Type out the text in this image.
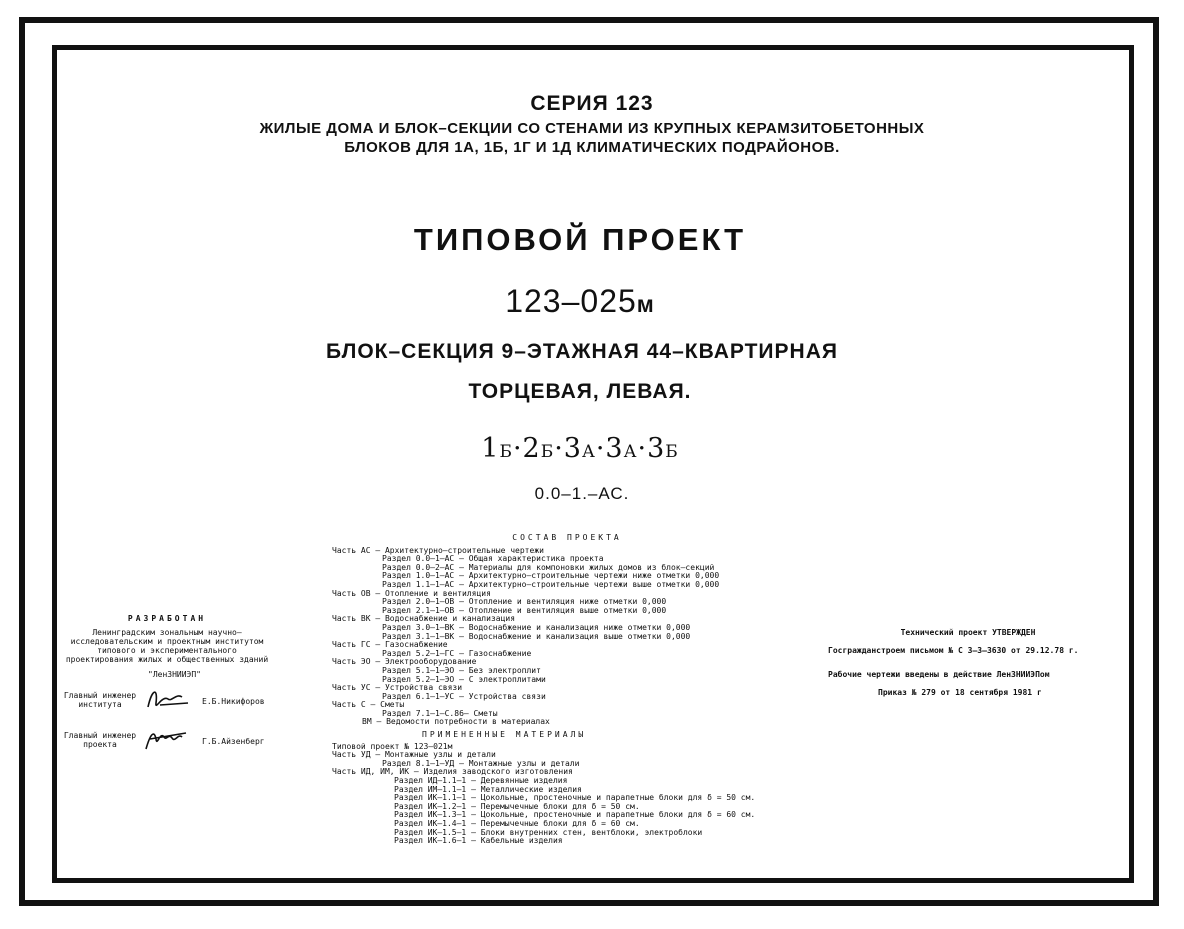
СЕРИЯ 123
ЖИЛЫЕ ДОМА И БЛОК–СЕКЦИИ СО СТЕНАМИ ИЗ КРУПНЫХ КЕРАМЗИТОБЕТОННЫХ
БЛОКОВ ДЛЯ 1А, 1Б, 1Г И 1Д КЛИМАТИЧЕСКИХ ПОДРАЙОНОВ.
ТИПОВОЙ ПРОЕКТ
123–025м
БЛОК–СЕКЦИЯ 9–ЭТАЖНАЯ 44–КВАРТИРНАЯ
ТОРЦЕВАЯ, ЛЕВАЯ.
1Б·2Б·3А·3А·3Б
0.0–1.–АС.
СОСТАВ ПРОЕКТА
Часть АС – Архитектурно–строительные чертежи
Раздел 0.0–1–АС – Общая характеристика проекта
Раздел 0.0–2–АС – Материалы для компоновки жилых домов из блок–секций
Раздел 1.0–1–АС – Архитектурно–строительные чертежи ниже отметки 0,000
Раздел 1.1–1–АС – Архитектурно–строительные чертежи выше отметки 0,000
Часть ОВ – Отопление и вентиляция
Раздел 2.0–1–ОВ – Отопление и вентиляция ниже отметки 0,000
Раздел 2.1–1–ОВ – Отопление и вентиляция выше отметки 0,000
Часть ВК – Водоснабжение и канализация
Раздел 3.0–1–ВК – Водоснабжение и канализация ниже отметки 0,000
Раздел 3.1–1–ВК – Водоснабжение и канализация выше отметки 0,000
Часть ГС – Газоснабжение
Раздел 5.2–1–ГС – Газоснабжение
Часть ЭО – Электрооборудование
Раздел 5.1–1–ЭО – Без электроплит
Раздел 5.2–1–ЭО – С электроплитами
Часть УС – Устройства связи
Раздел 6.1–1–УС – Устройства связи
Часть С – Сметы
Раздел 7.1–1–С.86– Сметы
ВМ – Ведомости потребности в материалах
ПРИМЕНЕННЫЕ МАТЕРИАЛЫ
Типовой проект № 123–021м
Часть УД – Монтажные узлы и детали
Раздел 8.1–1–УД – Монтажные узлы и детали
Часть ИД, ИМ, ИК – Изделия заводского изготовления
Раздел ИД–1.1–1 – Деревянные изделия
Раздел ИМ–1.1–1 – Металлические изделия
Раздел ИК–1.1–1 – Цокольные, простеночные и парапетные блоки для δ = 50 см.
Раздел ИК–1.2–1 – Перемычечные блоки для δ = 50 см.
Раздел ИК–1.3–1 – Цокольные, простеночные и парапетные блоки для δ = 60 см.
Раздел ИК–1.4–1 – Перемычечные блоки для δ = 60 см.
Раздел ИК–1.5–1 – Блоки внутренних стен, вентблоки, электроблоки
Раздел ИК–1.6–1 – Кабельные изделия
РАЗРАБОТАН
Ленинградским зональным научно–исследовательским и проектным институтом типового и экспериментального проектирования жилых и общественных зданий
"ЛенЗНИИЭП"
Главный инженер института	Е.Б.Никифоров
Главный инженер проекта	Г.Б.Айзенберг
Технический проект УТВЕРЖДЕН
Госгражданстроем письмом № С 3–3–3630 от 29.12.78 г.
Рабочие чертежи введены в действие ЛенЗНИИЭПом
Приказ № 279 от 18 сентября 1981 г
